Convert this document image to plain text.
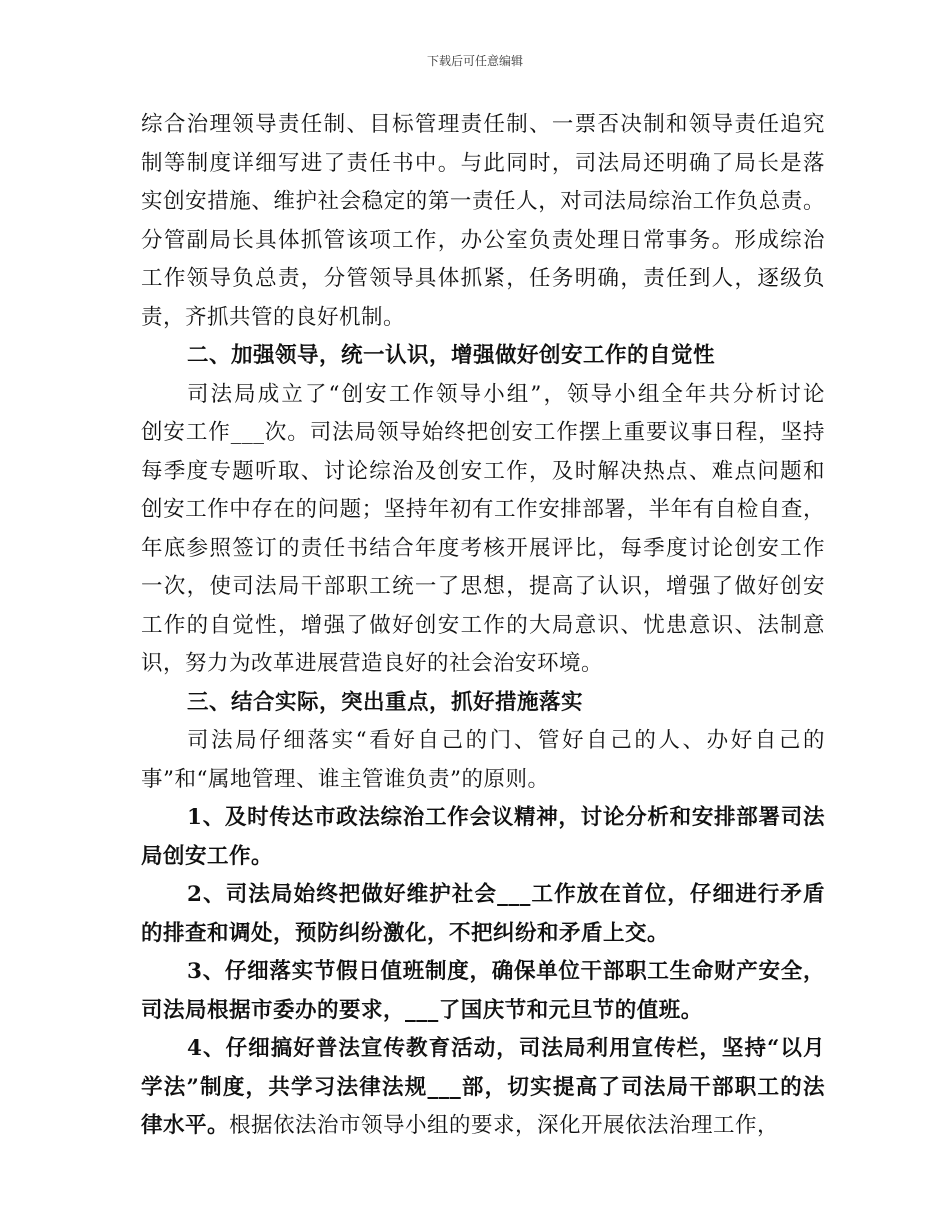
下载后可任意编辑
综合治理领导责任制、目标管理责任制、一票否决制和领导责任追究
制等制度详细写进了责任书中。与此同时，司法局还明确了局长是落
实创安措施、维护社会稳定的第一责任人，对司法局综治工作负总责。
分管副局长具体抓管该项工作，办公室负责处理日常事务。形成综治
工作领导负总责，分管领导具体抓紧，任务明确，责任到人，逐级负
责，齐抓共管的良好机制。
二、加强领导，统一认识，增强做好创安工作的自觉性
司法局成立了“创安工作领导小组”，领导小组全年共分析讨论
创安工作___次。司法局领导始终把创安工作摆上重要议事日程，坚持
每季度专题听取、讨论综治及创安工作，及时解决热点、难点问题和
创安工作中存在的问题；坚持年初有工作安排部署，半年有自检自查，
年底参照签订的责任书结合年度考核开展评比，每季度讨论创安工作
一次，使司法局干部职工统一了思想，提高了认识，增强了做好创安
工作的自觉性，增强了做好创安工作的大局意识、忧患意识、法制意
识，努力为改革进展营造良好的社会治安环境。
三、结合实际，突出重点，抓好措施落实
司法局仔细落实“看好自己的门、管好自己的人、办好自己的
事”和“属地管理、谁主管谁负责”的原则。
1、及时传达市政法综治工作会议精神，讨论分析和安排部署司法
局创安工作。
2、司法局始终把做好维护社会___工作放在首位，仔细进行矛盾
的排查和调处，预防纠纷激化，不把纠纷和矛盾上交。
3、仔细落实节假日值班制度，确保单位干部职工生命财产安全，
司法局根据市委办的要求，___了国庆节和元旦节的值班。
4、仔细搞好普法宣传教育活动，司法局利用宣传栏，坚持“以月
学法”制度，共学习法律法规___部，切实提高了司法局干部职工的法
律水平。根据依法治市领导小组的要求，深化开展依法治理工作，
